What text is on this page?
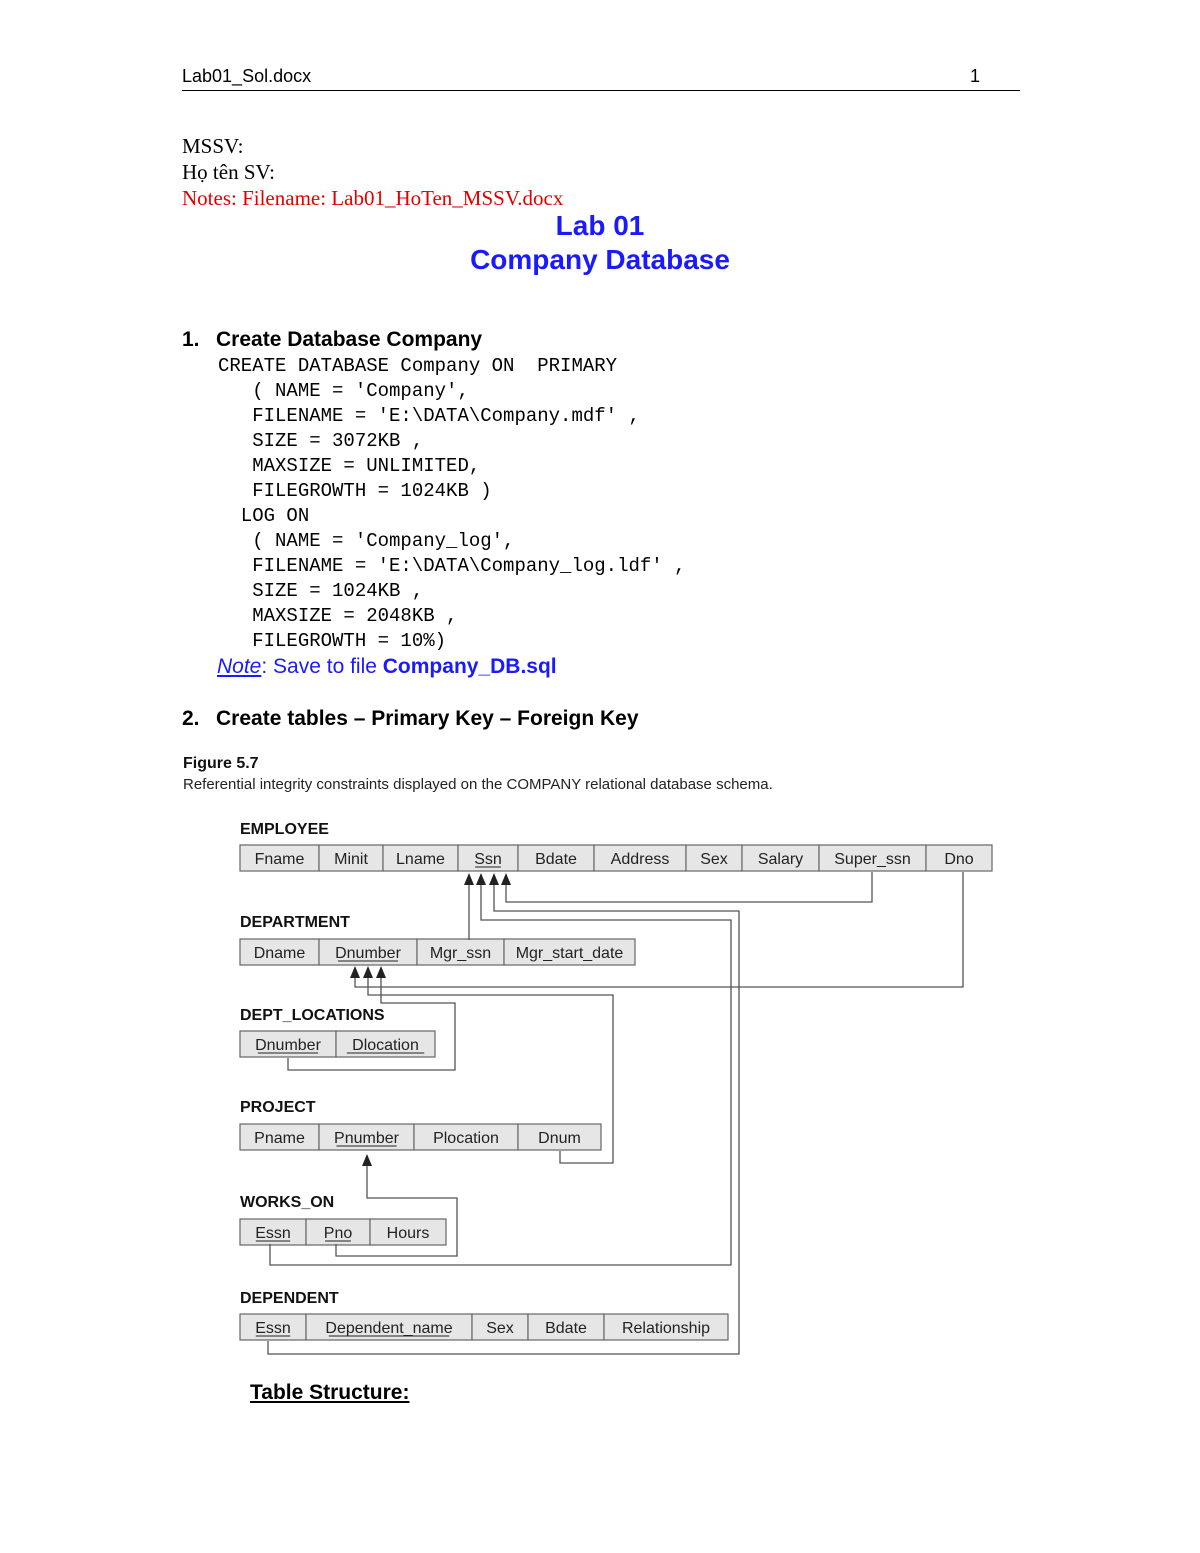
Lab01_Sol.docx	1
MSSV:
Họ tên SV:
Notes: Filename: Lab01_HoTen_MSSV.docx
Lab 01
Company Database
1. Create Database Company
CREATE DATABASE Company ON  PRIMARY
( NAME = 'Company',
FILENAME = 'E:\DATA\Company.mdf' ,
SIZE = 3072KB ,
MAXSIZE = UNLIMITED,
FILEGROWTH = 1024KB )
LOG ON
( NAME = 'Company_log',
FILENAME = 'E:\DATA\Company_log.ldf' ,
SIZE = 1024KB ,
MAXSIZE = 2048KB ,
FILEGROWTH = 10%)
Note: Save to file Company_DB.sql
2. Create tables – Primary Key – Foreign Key
Figure 5.7
Referential integrity constraints displayed on the COMPANY relational database schema.
EMPLOYEE
Fname Minit Lname Ssn Bdate Address Sex Salary Super_ssn Dno
DEPARTMENT
Dname Dnumber Mgr_ssn Mgr_start_date
DEPT_LOCATIONS
Dnumber Dlocation
PROJECT
Pname Pnumber Plocation Dnum
WORKS_ON
Essn Pno Hours
DEPENDENT
Essn Dependent_name Sex Bdate Relationship
Table Structure:
